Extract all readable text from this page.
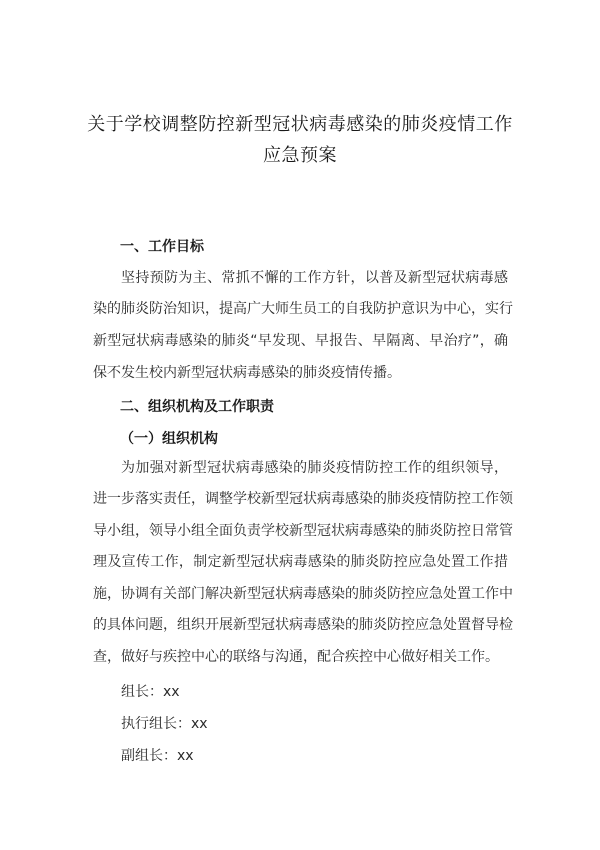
关于学校调整防控新型冠状病毒感染的肺炎疫情工作
应急预案
一、工作目标
坚持预防为主、常抓不懈的工作方针，以普及新型冠状病毒感
染的肺炎防治知识，提高广大师生员工的自我防护意识为中心，实行
新型冠状病毒感染的肺炎“早发现、早报告、早隔离、早治疗”，确
保不发生校内新型冠状病毒感染的肺炎疫情传播。
二、组织机构及工作职责
（一）组织机构
为加强对新型冠状病毒感染的肺炎疫情防控工作的组织领导，
进一步落实责任，调整学校新型冠状病毒感染的肺炎疫情防控工作领
导小组，领导小组全面负责学校新型冠状病毒感染的肺炎防控日常管
理及宣传工作，制定新型冠状病毒感染的肺炎防控应急处置工作措
施，协调有关部门解决新型冠状病毒感染的肺炎防控应急处置工作中
的具体问题，组织开展新型冠状病毒感染的肺炎防控应急处置督导检
查，做好与疾控中心的联络与沟通，配合疾控中心做好相关工作。
组长：xx
执行组长：xx
副组长：xx
